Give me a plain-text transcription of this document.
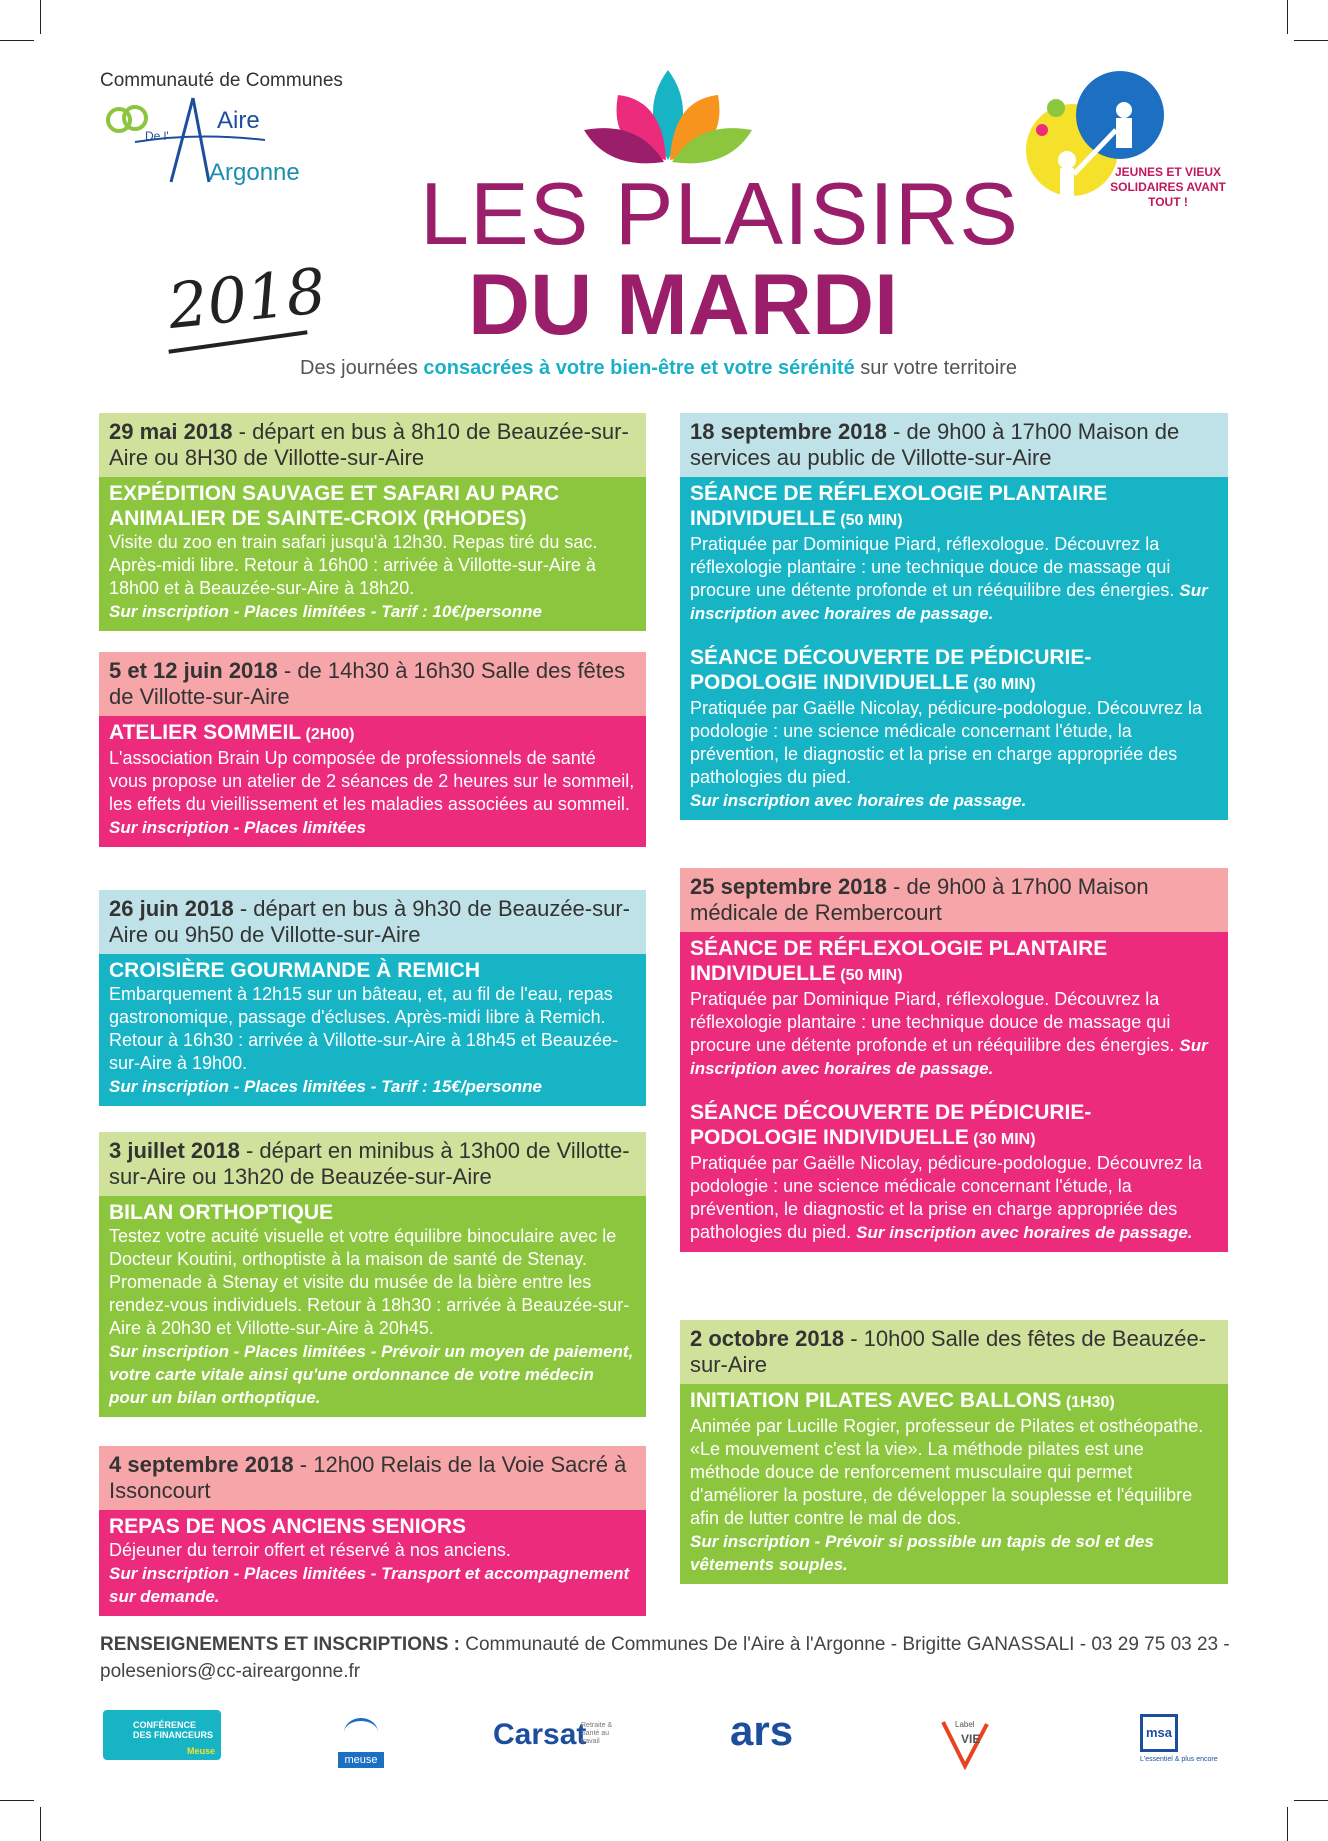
Communauté de Communes
Aire
De l'
Argonne LES PLAISIRS
DU MARDI
2018
Des journées consacrées à votre bien-être et votre sérénité sur votre territoire
JEUNES ET VIEUX
SOLIDAIRES AVANT TOUT !
29 mai 2018 - départ en bus à 8h10 de Beauzée-sur-Aire ou 8H30 de Villotte-sur-Aire
EXPÉDITION SAUVAGE ET SAFARI AU PARC ANIMALIER DE SAINTE-CROIX (RHODES)
Visite du zoo en train safari jusqu'à 12h30. Repas tiré du sac. Après-midi libre. Retour à 16h00 : arrivée à Villotte-sur-Aire à 18h00 et à Beauzée-sur-Aire à 18h20.
Sur inscription - Places limitées - Tarif : 10€/personne
5 et 12 juin 2018 - de 14h30 à 16h30 Salle des fêtes de Villotte-sur-Aire
ATELIER SOMMEIL (2H00)
L'association Brain Up composée de professionnels de santé vous propose un atelier de 2 séances de 2 heures sur le sommeil, les effets du vieillissement et les maladies associées au sommeil.
Sur inscription - Places limitées
26 juin 2018 - départ en bus à 9h30 de Beauzée-sur-Aire ou 9h50 de Villotte-sur-Aire
CROISIÈRE GOURMANDE À REMICH
Embarquement à 12h15 sur un bâteau, et, au fil de l'eau, repas gastronomique, passage d'écluses. Après-midi libre à Remich. Retour à 16h30 : arrivée à Villotte-sur-Aire à 18h45 et Beauzée-sur-Aire à 19h00.
Sur inscription - Places limitées - Tarif : 15€/personne
3 juillet 2018 - départ en minibus à 13h00 de Villotte-sur-Aire ou 13h20 de Beauzée-sur-Aire
BILAN ORTHOPTIQUE
Testez votre acuité visuelle et votre équilibre binoculaire avec le Docteur Koutini, orthoptiste à la maison de santé de Stenay. Promenade à Stenay et visite du musée de la bière entre les rendez-vous individuels. Retour à 18h30 : arrivée à Beauzée-sur-Aire à 20h30 et Villotte-sur-Aire à 20h45.
Sur inscription - Places limitées - Prévoir un moyen de paiement, votre carte vitale ainsi qu'une ordonnance de votre médecin pour un bilan orthoptique.
4 septembre 2018 - 12h00 Relais de la Voie Sacré à Issoncourt
REPAS DE NOS ANCIENS SENIORS
Déjeuner du terroir offert et réservé à nos anciens.
Sur inscription - Places limitées - Transport et accompagnement sur demande.
18 septembre 2018 - de 9h00 à 17h00 Maison de services au public de Villotte-sur-Aire
SÉANCE DE RÉFLEXOLOGIE PLANTAIRE INDIVIDUELLE (50 MIN)
Pratiquée par Dominique Piard, réflexologue. Découvrez la réflexologie plantaire : une technique douce de massage qui procure une détente profonde et un rééquilibre des énergies. Sur inscription avec horaires de passage.
SÉANCE DÉCOUVERTE DE PÉDICURIE-PODOLOGIE INDIVIDUELLE (30 MIN)
Pratiquée par Gaëlle Nicolay, pédicure-podologue. Découvrez la podologie : une science médicale concernant l'étude, la prévention, le diagnostic et la prise en charge appropriée des pathologies du pied.
Sur inscription avec horaires de passage.
25 septembre 2018 - de 9h00 à 17h00 Maison médicale de Rembercourt
SÉANCE DE RÉFLEXOLOGIE PLANTAIRE INDIVIDUELLE (50 MIN)
Pratiquée par Dominique Piard, réflexologue. Découvrez la réflexologie plantaire : une technique douce de massage qui procure une détente profonde et un rééquilibre des énergies. Sur inscription avec horaires de passage.
SÉANCE DÉCOUVERTE DE PÉDICURIE-PODOLOGIE INDIVIDUELLE (30 MIN)
Pratiquée par Gaëlle Nicolay, pédicure-podologue. Découvrez la podologie : une science médicale concernant l'étude, la prévention, le diagnostic et la prise en charge appropriée des pathologies du pied. Sur inscription avec horaires de passage.
2 octobre 2018 - 10h00 Salle des fêtes de Beauzée-sur-Aire
INITIATION PILATES AVEC BALLONS (1H30)
Animée par Lucille Rogier, professeur de Pilates et osthéopathe. «Le mouvement c'est la vie». La méthode pilates est une méthode douce de renforcement musculaire qui permet d'améliorer la posture, de développer la souplesse et l'équilibre afin de lutter contre le mal de dos.
Sur inscription - Prévoir si possible un tapis de sol et des vêtements souples.
RENSEIGNEMENTS ET INSCRIPTIONS : Communauté de Communes De l'Aire à l'Argonne - Brigitte GANASSALI - 03 29 75 03 23 -
poleseniors@cc-aireargonne.fr
CONFÉRENCE DES FINANCEURS
Meuse
meuse
Carsat
Retraite & Santé au travail	ars	VIE
Label
msa
L'essentiel & plus encore
